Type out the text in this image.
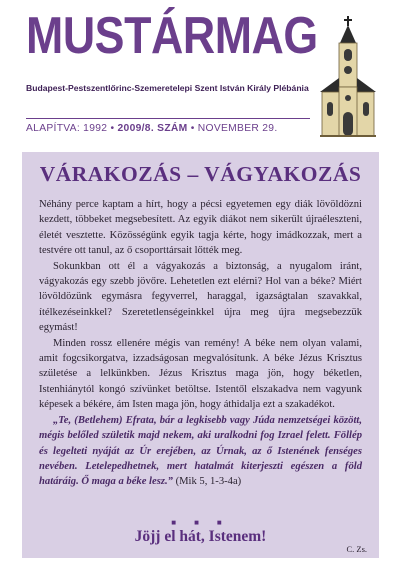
MUSTÁRMAG
Budapest-Pestszentlőrinc-Szemeretelepi Szent István Király Plébánia
ALAPÍTVA: 1992 • 2009/8. SZÁM • NOVEMBER 29.
VÁRAKOZÁS – VÁGYAKOZÁS

Néhány perce kaptam a hírt, hogy a pécsi egyetemen egy diák lövöldözni kezdett, többeket megsebesített. Az egyik diákot nem sikerült újraéleszteni, életét vesztette. Közösségünk egyik tagja kérte, hogy imádkozzak, mert a testvére ott tanul, az ő csoporttársait lőtték meg.

Sokunkban ott él a vágyakozás a biztonság, a nyugalom iránt, vágyakozás egy szebb jövőre. Lehetetlen ezt elérni? Hol van a béke? Miért lövöldözünk egymásra fegyverrel, haraggal, igazságtalan szavakkal, ítélkezéseinkkel? Szeretetlenségeinkkel újra meg újra megsebezzük egymást!

Minden rossz ellenére mégis van remény! A béke nem olyan valami, amit fogcsikorgatva, izzadságosan megvalósítunk. A béke Jézus Krisztus születése a lelkünkben. Jézus Krisztus maga jön, hogy béketlen, Istenhiánytól kongó szívünket betöltse. Istentől elszakadva nem vagyunk képesek a békére, ám Isten maga jön, hogy áthidalja ezt a szakadékot.

„Te, (Betlehem) Efrata, bár a legkisebb vagy Júda nemzetségei között, mégis belőled születik majd nekem, aki uralkodni fog Izrael felett. Föllép és legelteti nyáját az Úr erejében, az Úrnak, az ő Istenének fenséges nevében. Letelepedhetnek, mert hatalmát kiterjeszti egészen a föld határáig. Ő maga a béke lesz.” (Mik 5, 1-3-4a)

■ ■ ■
Jöjj el hát, Istenem!
C. Zs.
